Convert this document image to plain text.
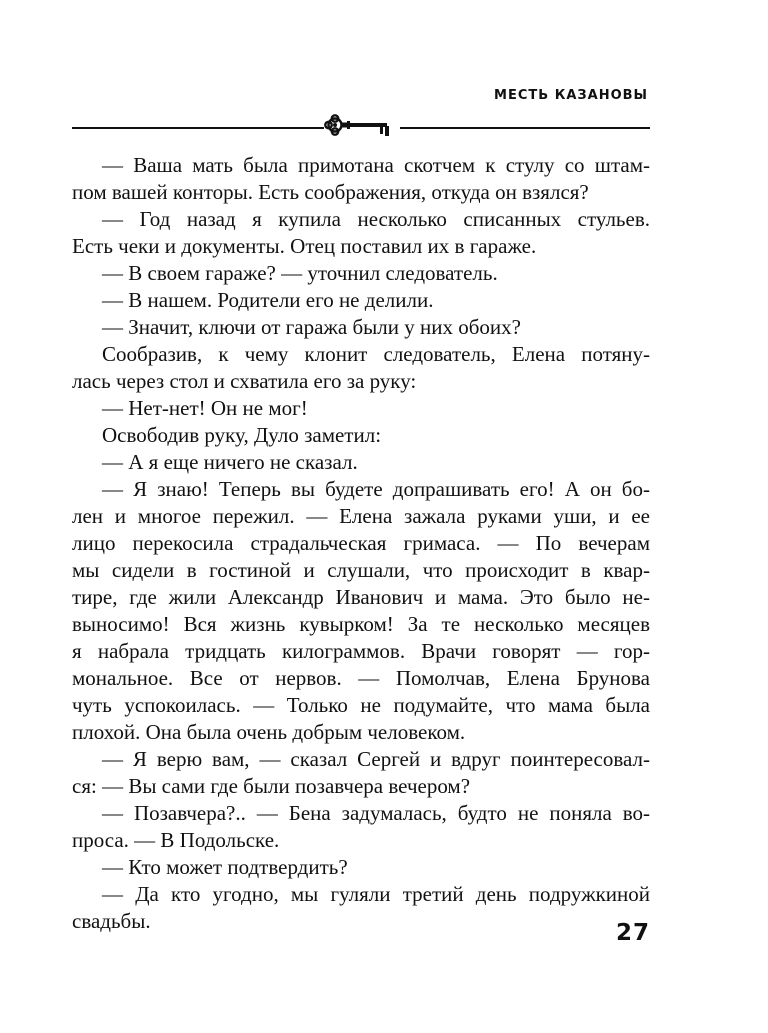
МЕСТЬ КАЗАНОВЫ
— Ваша мать была примотана скотчем к стулу со штам-
пом вашей конторы. Есть соображения, откуда он взялся?
— Год назад я купила несколько списанных стульев.
Есть чеки и документы. Отец поставил их в гараже.
— В своем гараже? — уточнил следователь.
— В нашем. Родители его не делили.
— Значит, ключи от гаража были у них обоих?
Сообразив, к чему клонит следователь, Елена потяну-
лась через стол и схватила его за руку:
— Нет-нет! Он не мог!
Освободив руку, Дуло заметил:
— А я еще ничего не сказал.
— Я знаю! Теперь вы будете допрашивать его! А он бо-
лен и многое пережил. — Елена зажала руками уши, и ее
лицо перекосила страдальческая гримаса. — По вечерам
мы сидели в гостиной и слушали, что происходит в квар-
тире, где жили Александр Иванович и мама. Это было не-
выносимо! Вся жизнь кувырком! За те несколько месяцев
я набрала тридцать килограммов. Врачи говорят — гор-
мональное. Все от нервов. — Помолчав, Елена Брунова
чуть успокоилась. — Только не подумайте, что мама была
плохой. Она была очень добрым человеком.
— Я верю вам, — сказал Сергей и вдруг поинтересовал-
ся: — Вы сами где были позавчера вечером?
— Позавчера?.. — Бена задумалась, будто не поняла во-
проса. — В Подольске.
— Кто может подтвердить?
— Да кто угодно, мы гуляли третий день подружкиной
свадьбы.	27
